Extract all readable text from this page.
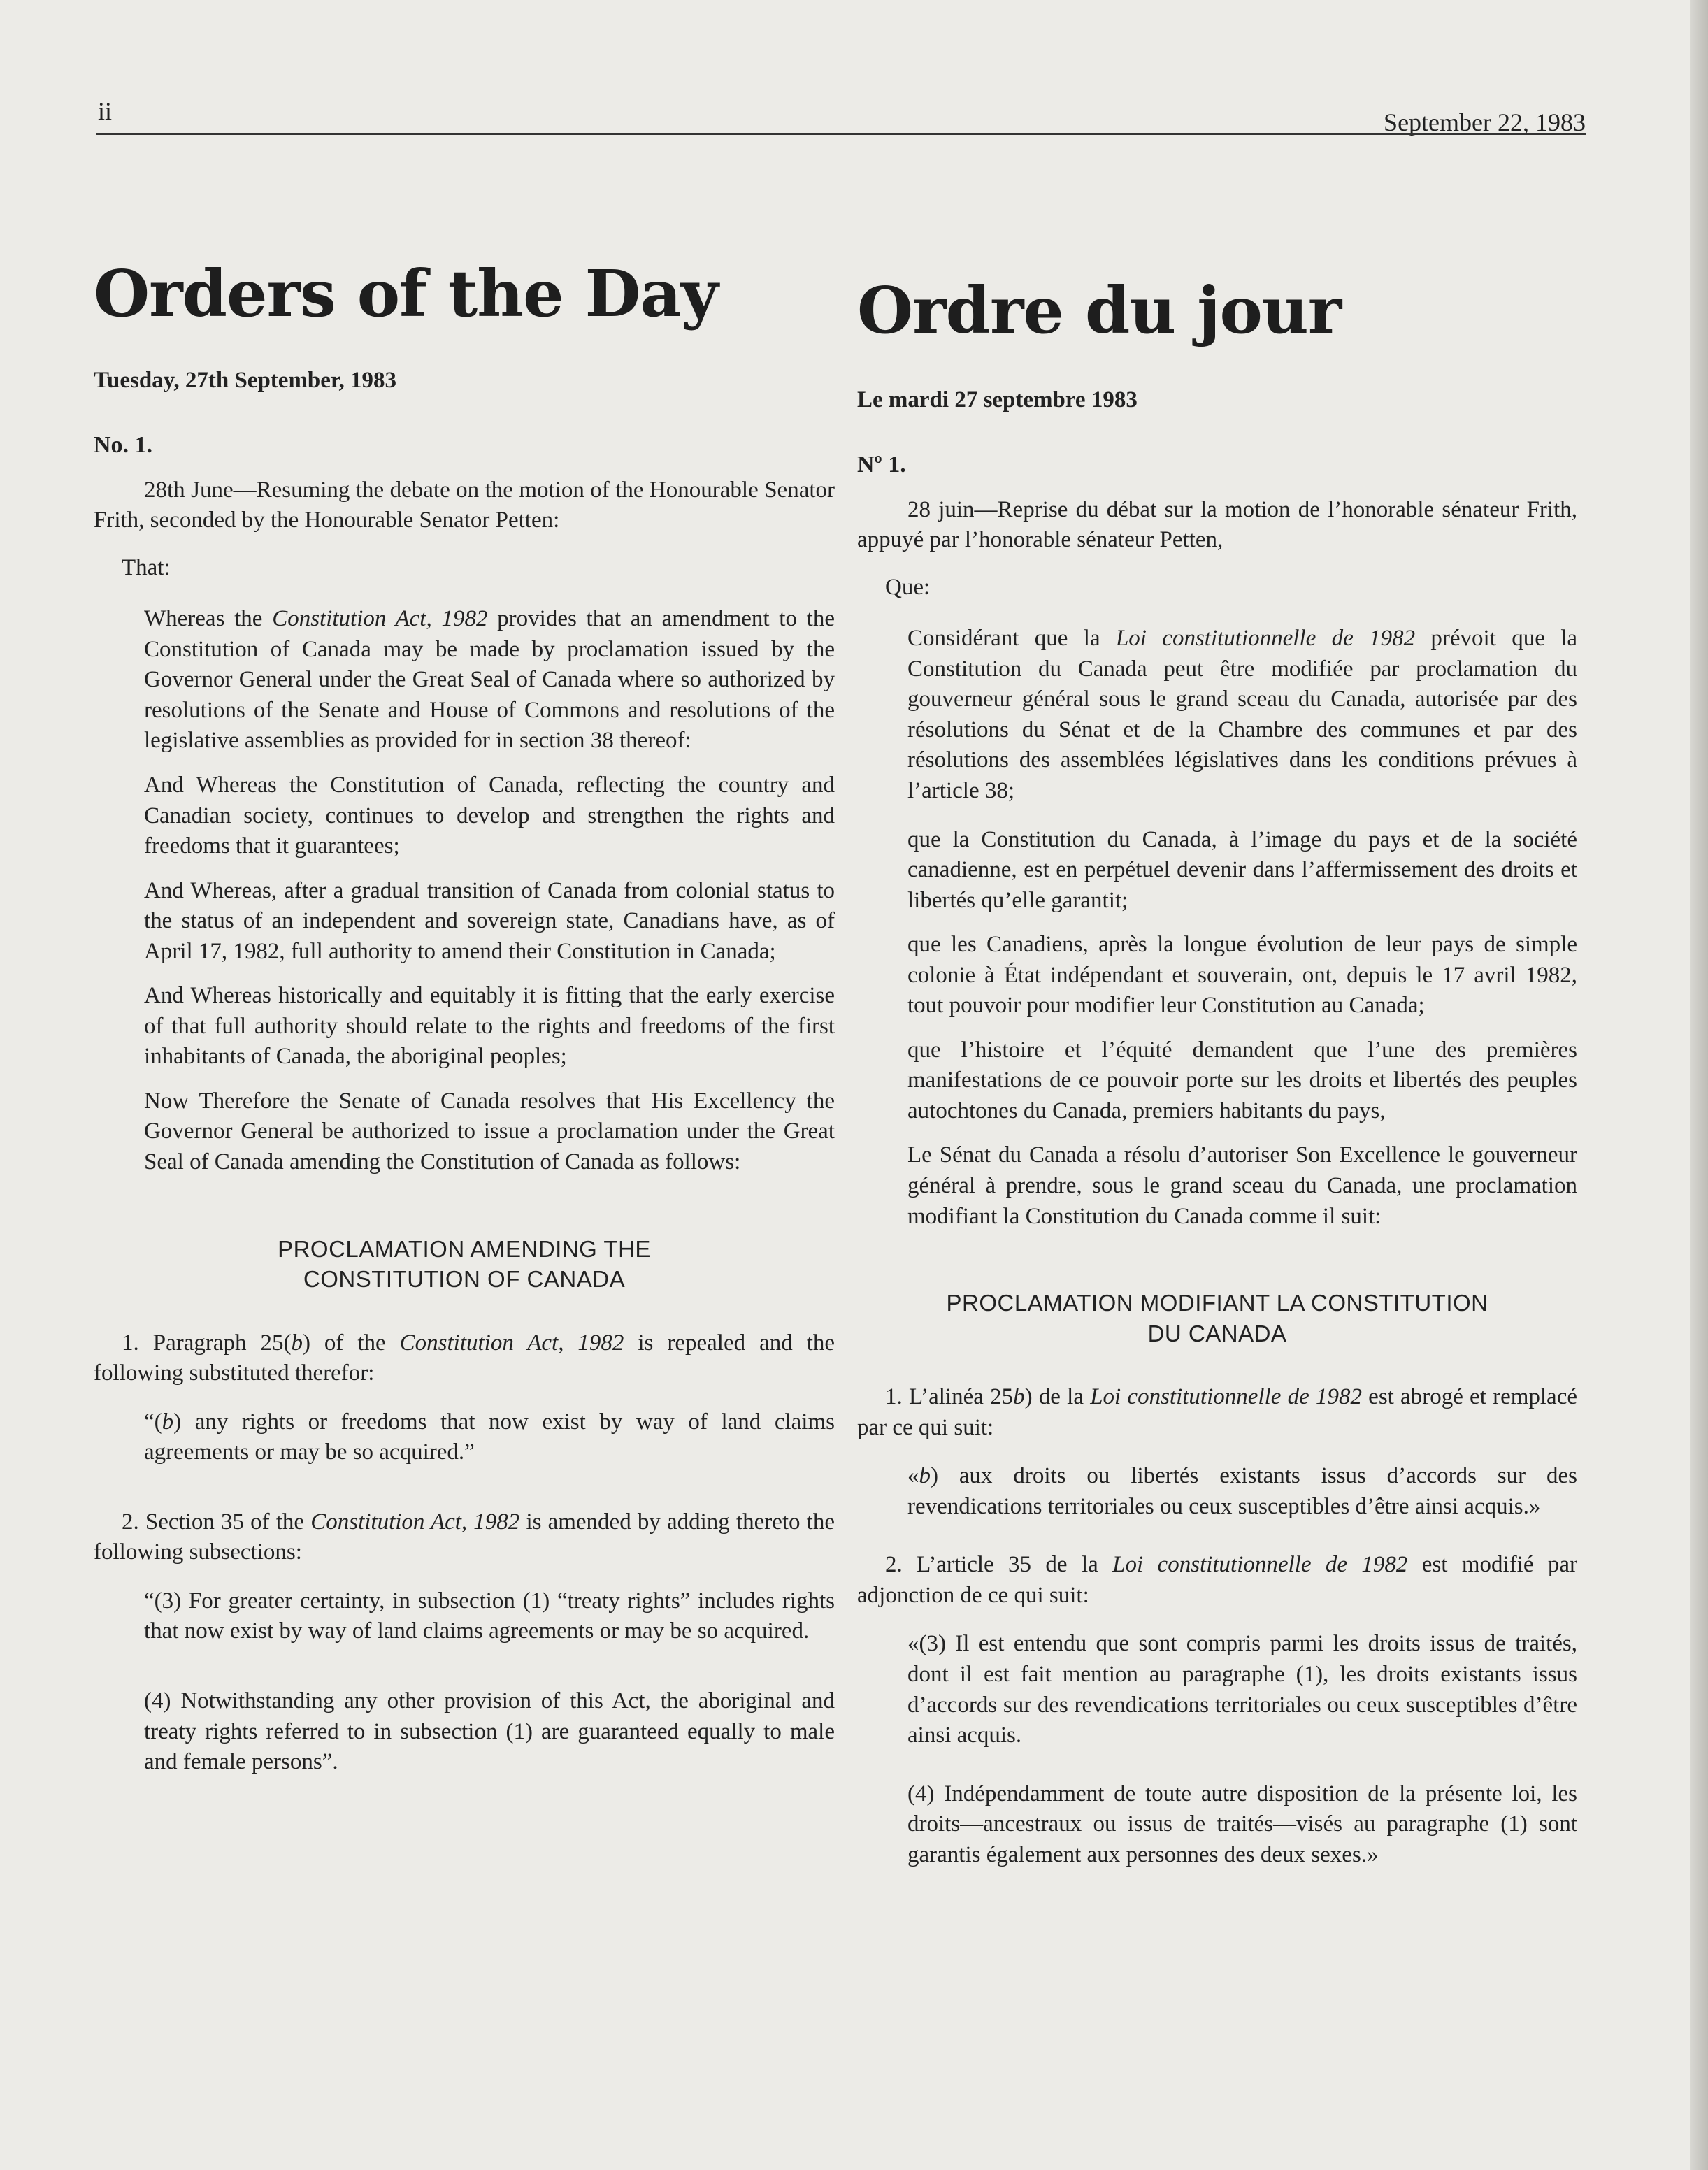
ii	September 22, 1983
Orders of the Day
Tuesday, 27th September, 1983
No. 1.

28th June—Resuming the debate on the motion of the Honourable Senator Frith, seconded by the Honourable Senator Petten:

That:

Whereas the Constitution Act, 1982 provides that an amendment to the Constitution of Canada may be made by proclamation issued by the Governor General under the Great Seal of Canada where so authorized by resolutions of the Senate and House of Commons and resolutions of the legislative assemblies as provided for in section 38 thereof:

And Whereas the Constitution of Canada, reflecting the country and Canadian society, continues to develop and strengthen the rights and freedoms that it guarantees;

And Whereas, after a gradual transition of Canada from colonial status to the status of an independent and sovereign state, Canadians have, as of April 17, 1982, full authority to amend their Constitution in Canada;

And Whereas historically and equitably it is fitting that the early exercise of that full authority should relate to the rights and freedoms of the first inhabitants of Canada, the aboriginal peoples;

Now Therefore the Senate of Canada resolves that His Excellency the Governor General be authorized to issue a proclamation under the Great Seal of Canada amending the Constitution of Canada as follows:

PROCLAMATION AMENDING THE
CONSTITUTION OF CANADA

1. Paragraph 25(b) of the Constitution Act, 1982 is repealed and the following substituted therefor:

“(b) any rights or freedoms that now exist by way of land claims agreements or may be so acquired.”

2. Section 35 of the Constitution Act, 1982 is amended by adding thereto the following subsections:

“(3) For greater certainty, in subsection (1) “treaty rights” includes rights that now exist by way of land claims agreements or may be so acquired.

(4) Notwithstanding any other provision of this Act, the aboriginal and treaty rights referred to in subsection (1) are guaranteed equally to male and female persons”.

Ordre du jour
Le mardi 27 septembre 1983
Nº 1.

28 juin—Reprise du débat sur la motion de l’honorable sénateur Frith, appuyé par l’honorable sénateur Petten,

Que:

Considérant que la Loi constitutionnelle de 1982 prévoit que la Constitution du Canada peut être modifiée par proclamation du gouverneur général sous le grand sceau du Canada, autorisée par des résolutions du Sénat et de la Chambre des communes et par des résolutions des assemblées législatives dans les conditions prévues à l’article 38;

que la Constitution du Canada, à l’image du pays et de la société canadienne, est en perpétuel devenir dans l’affermissement des droits et libertés qu’elle garantit;

que les Canadiens, après la longue évolution de leur pays de simple colonie à État indépendant et souverain, ont, depuis le 17 avril 1982, tout pouvoir pour modifier leur Constitution au Canada;

que l’histoire et l’équité demandent que l’une des premières manifestations de ce pouvoir porte sur les droits et libertés des peuples autochtones du Canada, premiers habitants du pays,

Le Sénat du Canada a résolu d’autoriser Son Excellence le gouverneur général à prendre, sous le grand sceau du Canada, une proclamation modifiant la Constitution du Canada comme il suit:

PROCLAMATION MODIFIANT LA CONSTITUTION
DU CANADA

1. L’alinéa 25b) de la Loi constitutionnelle de 1982 est abrogé et remplacé par ce qui suit:

«b) aux droits ou libertés existants issus d’accords sur des revendications territoriales ou ceux susceptibles d’être ainsi acquis.»

2. L’article 35 de la Loi constitutionnelle de 1982 est modifié par adjonction de ce qui suit:

«(3) Il est entendu que sont compris parmi les droits issus de traités, dont il est fait mention au paragraphe (1), les droits existants issus d’accords sur des revendications territoriales ou ceux susceptibles d’être ainsi acquis.

(4) Indépendamment de toute autre disposition de la présente loi, les droits—ancestraux ou issus de traités—visés au paragraphe (1) sont garantis également aux personnes des deux sexes.»
